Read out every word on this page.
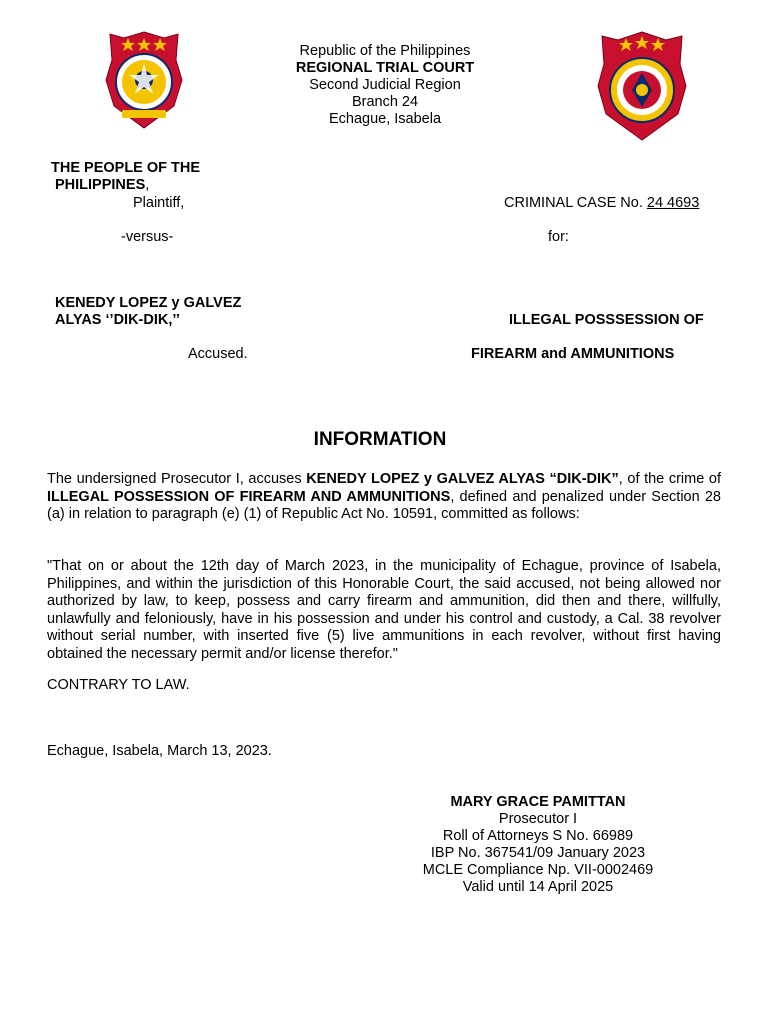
Republic of the Philippines
REGIONAL TRIAL COURT
Second Judicial Region
Branch 24
Echague, Isabela
THE PEOPLE OF THE
PHILIPPINES,
Plaintiff,	CRIMINAL CASE No. 24 4693
-versus-	for:
KENEDY LOPEZ y GALVEZ
ALYAS ‘’DIK-DIK,’’	ILLEGAL POSSSESSION OF
Accused.	FIREARM and AMMUNITIONS
INFORMATION
The undersigned Prosecutor I, accuses KENEDY LOPEZ y GALVEZ ALYAS “DIK-DIK”, of the crime of ILLEGAL POSSESSION OF FIREARM AND AMMUNITIONS, defined and penalized under Section 28 (a) in relation to paragraph (e) (1) of Republic Act No. 10591, committed as follows:
"That on or about the 12th day of March 2023, in the municipality of Echague, province of Isabela, Philippines, and within the jurisdiction of this Honorable Court, the said accused, not being allowed nor authorized by law, to keep, possess and carry firearm and ammunition, did then and there, willfully, unlawfully and feloniously, have in his possession and under his control and custody, a Cal. 38 revolver without serial number, with inserted five (5) live ammunitions in each revolver, without first having obtained the necessary permit and/or license therefor."
CONTRARY TO LAW.
Echague, Isabela, March 13, 2023.
MARY GRACE PAMITTAN
Prosecutor I
Roll of Attorneys S No. 66989
IBP No. 367541/09 January 2023
MCLE Compliance Np. VII-0002469
Valid until 14 April 2025
